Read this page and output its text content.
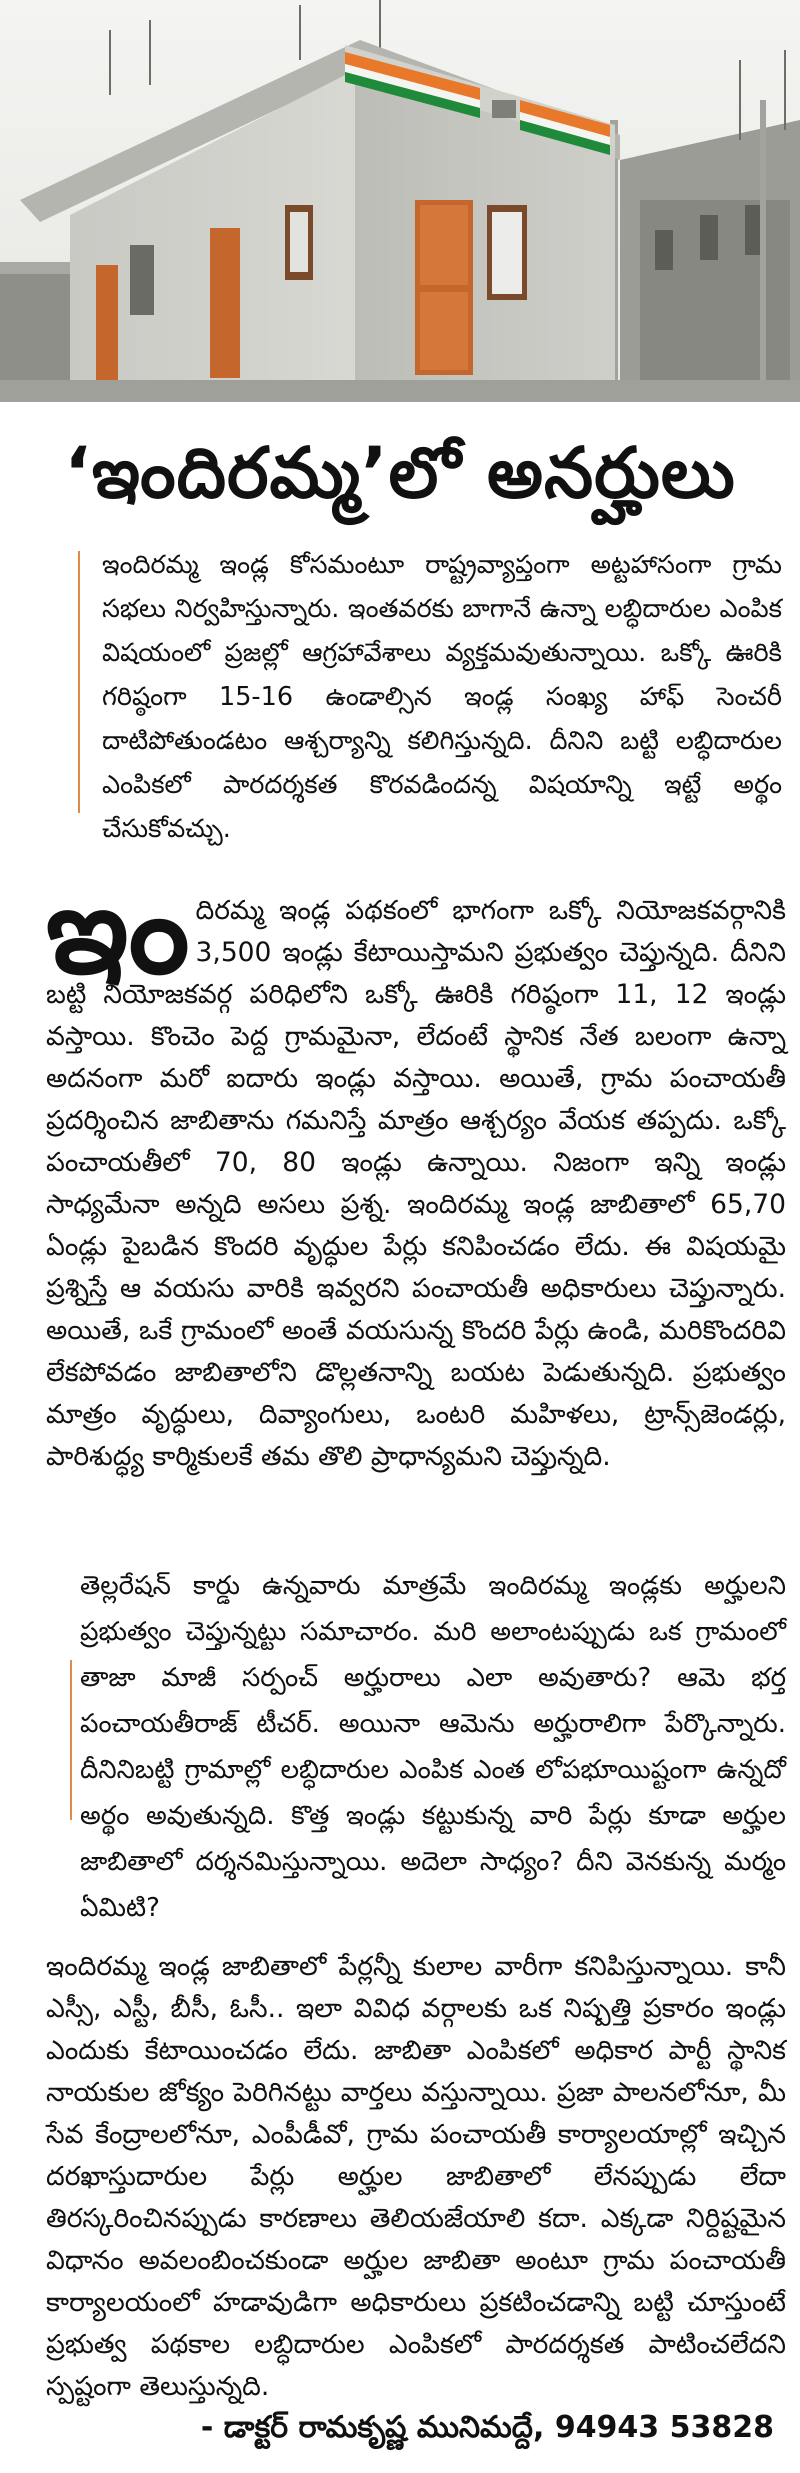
‘ఇందిరమ్మ’లో అనర్హులు

ఇందిరమ్మ ఇండ్ల కోసమంటూ రాష్ట్రవ్యాప్తంగా అట్టహాసంగా గ్రామ సభలు నిర్వహిస్తున్నారు. ఇంతవరకు బాగానే ఉన్నా లబ్ధిదారుల ఎంపిక విషయంలో ప్రజల్లో ఆగ్రహావేశాలు వ్యక్తమవుతున్నాయి. ఒక్కో ఊరికి గరిష్ఠంగా 15-16 ఉండాల్సిన ఇండ్ల సంఖ్య హాఫ్ సెంచరీ దాటిపోతుండటం ఆశ్చర్యాన్ని కలిగిస్తున్నది. దీనిని బట్టి లబ్ధిదారుల ఎంపికలో పారదర్శకత కొరవడిందన్న విషయాన్ని ఇట్టే అర్థం చేసుకోవచ్చు.

ఇందిరమ్మ ఇండ్ల పథకంలో భాగంగా ఒక్కో నియోజకవర్గానికి 3,500 ఇండ్లు కేటాయిస్తామని ప్రభుత్వం చెప్తున్నది. దీనిని బట్టి నియోజకవర్గ పరిధిలోని ఒక్కో ఊరికి గరిష్ఠంగా 11, 12 ఇండ్లు వస్తాయి. కొంచెం పెద్ద గ్రామమైనా, లేదంటే స్థానిక నేత బలంగా ఉన్నా అదనంగా మరో ఐదారు ఇండ్లు వస్తాయి. అయితే, గ్రామ పంచాయతీ ప్రదర్శించిన జాబితాను గమనిస్తే మాత్రం ఆశ్చర్యం వేయక తప్పదు. ఒక్కో పంచాయతీలో 70, 80 ఇండ్లు ఉన్నాయి. నిజంగా ఇన్ని ఇండ్లు సాధ్యమేనా అన్నది అసలు ప్రశ్న. ఇందిరమ్మ ఇండ్ల జాబితాలో 65,70 ఏండ్లు పైబడిన కొందరి వృద్ధుల పేర్లు కనిపించడం లేదు. ఈ విషయమై ప్రశ్నిస్తే ఆ వయసు వారికి ఇవ్వరని పంచాయతీ అధికారులు చెప్తున్నారు. అయితే, ఒకే గ్రామంలో అంతే వయసున్న కొందరి పేర్లు ఉండి, మరికొందరివి లేకపోవడం జాబితాలోని డొల్లతనాన్ని బయట పెడుతున్నది. ప్రభుత్వం మాత్రం వృద్ధులు, దివ్యాంగులు, ఒంటరి మహిళలు, ట్రాన్స్‌జెండర్లు, పారిశుద్ధ్య కార్మికులకే తమ తొలి ప్రాధాన్యమని చెప్తున్నది.

తెల్లరేషన్ కార్డు ఉన్నవారు మాత్రమే ఇందిరమ్మ ఇండ్లకు అర్హులని ప్రభుత్వం చెప్తున్నట్టు సమాచారం. మరి అలాంటప్పుడు ఒక గ్రామంలో తాజా మాజీ సర్పంచ్ అర్హురాలు ఎలా అవుతారు? ఆమె భర్త పంచాయతీరాజ్ టీచర్. అయినా ఆమెను అర్హురాలిగా పేర్కొన్నారు. దీనినిబట్టి గ్రామాల్లో లబ్ధిదారుల ఎంపిక ఎంత లోపభూయిష్టంగా ఉన్నదో అర్థం అవుతున్నది. కొత్త ఇండ్లు కట్టుకున్న వారి పేర్లు కూడా అర్హుల జాబితాలో దర్శనమిస్తున్నాయి. అదెలా సాధ్యం? దీని వెనకున్న మర్మం ఏమిటి?

ఇందిరమ్మ ఇండ్ల జాబితాలో పేర్లన్నీ కులాల వారీగా కనిపిస్తున్నాయి. కానీ ఎస్సీ, ఎస్టీ, బీసీ, ఓసీ.. ఇలా వివిధ వర్గాలకు ఒక నిష్పత్తి ప్రకారం ఇండ్లు ఎందుకు కేటాయించడం లేదు. జాబితా ఎంపికలో అధికార పార్టీ స్థానిక నాయకుల జోక్యం పెరిగినట్టు వార్తలు వస్తున్నాయి. ప్రజా పాలనలోనూ, మీ సేవ కేంద్రాలలోనూ, ఎంపీడీవో, గ్రామ పంచాయతీ కార్యాలయాల్లో ఇచ్చిన దరఖాస్తుదారుల పేర్లు అర్హుల జాబితాలో లేనప్పుడు లేదా తిరస్కరించినప్పుడు కారణాలు తెలియజేయాలి కదా. ఎక్కడా నిర్దిష్టమైన విధానం అవలంబించకుండా అర్హుల జాబితా అంటూ గ్రామ పంచాయతీ కార్యాలయంలో హడావుడిగా అధికారులు ప్రకటించడాన్ని బట్టి చూస్తుంటే ప్రభుత్వ పథకాల లబ్ధిదారుల ఎంపికలో పారదర్శకత పాటించలేదని స్పష్టంగా తెలుస్తున్నది.

- డాక్టర్ రామకృష్ణ మునిమద్దే, 94943 53828
